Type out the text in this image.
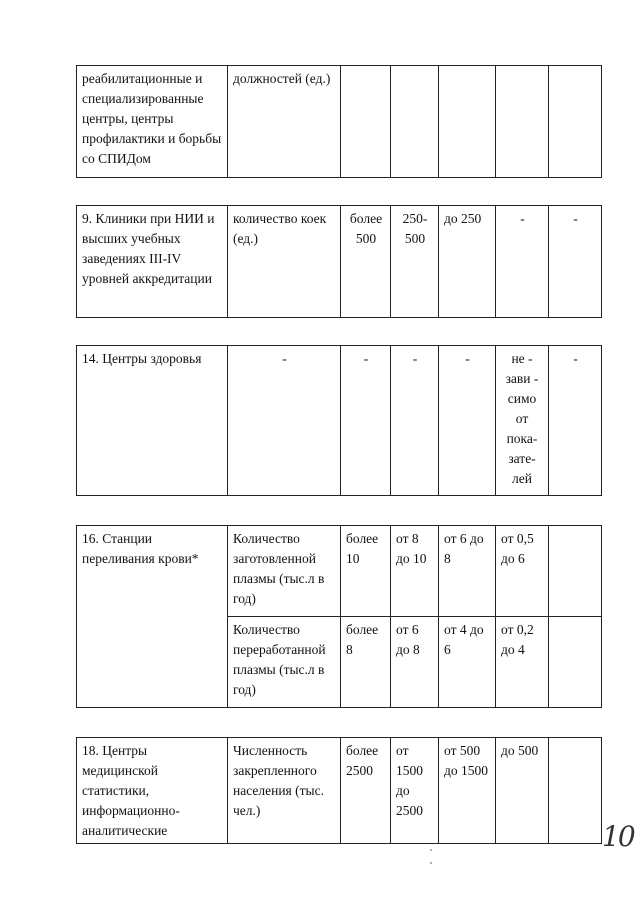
реабилитационные и специализированные центры, центры профилактики и борьбы со СПИДом	должностей (ед.)					
9. Клиники при НИИ и высших учебных заведениях III-IV уровней аккредитации	количество коек (ед.)	более 500	250-500	до 250	-	-
14. Центры здоровья	-	-	-	-	не - зави - симо от пока- зате- лей	-
16. Станции переливания крови*	Количество заготовленной плазмы (тыс.л в год)	более 10	от 8 до 10	от 6 до 8	от 0,5 до 6	
	Количество переработанной плазмы (тыс.л в год)	более 8	от 6 до 8	от 4 до 6	от 0,2 до 4	
18. Центры медицинской статистики, информационно-аналитические	Численность закрепленного населения (тыс. чел.)	более 2500	от 1500 до 2500	от 500 до 1500	до 500	
10
